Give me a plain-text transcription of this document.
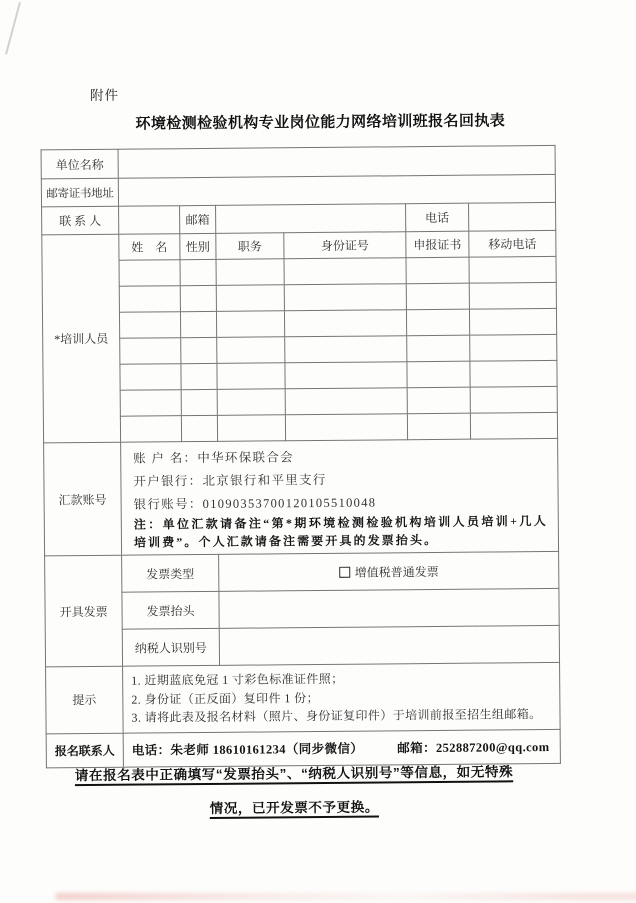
附件
环境检测检验机构专业岗位能力网络培训班报名回执表
单位名称						
邮寄证书地址						
联 系 人		邮箱			电话	
*培训人员	姓　名	性别	职务	身份证号	申报证书	移动电话

汇款账号	账 户 名：中华环保联合会
开户银行：北京银行和平里支行
银行账号：01090353700120105510048
注：单位汇款请备注“第*期环境检测检验机构培训人员培训+几人培训费”。个人汇款请备注需要开具的发票抬头。					

开具发票	发票类型		增值税普通发票			
	发票抬头					
	纳税人识别号					
提示	1. 近期蓝底免冠 1 寸彩色标准证件照；
2. 身份证（正反面）复印件 1 份；
3. 请将此表及报名材料（照片、身份证复印件）于培训前报至招生组邮箱。					

报名联系人	电话：朱老师 18610161234（同步微信） 邮箱：252887200@qq.com					
请在报名表中正确填写“发票抬头”、“纳税人识别号”等信息，如无特殊
情况，已开发票不予更换。
